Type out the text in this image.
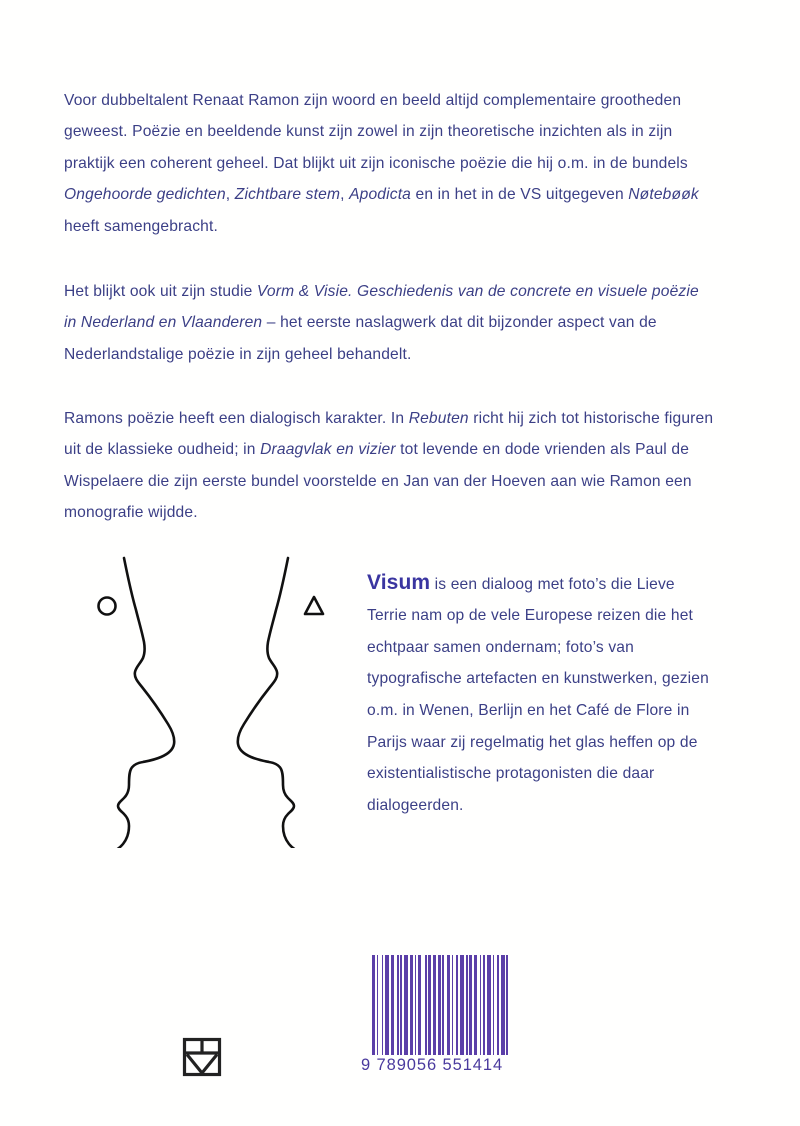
Voor dubbeltalent Renaat Ramon zijn woord en beeld altijd complementaire grootheden geweest. Poëzie en beeldende kunst zijn zowel in zijn theoretische inzichten als in zijn praktijk een coherent geheel. Dat blijkt uit zijn iconische poëzie die hij o.m. in de bundels Ongehoorde gedichten, Zichtbare stem, Apodicta en in het in de VS uitgegeven Nøtebøøk heeft samengebracht.

Het blijkt ook uit zijn studie Vorm & Visie. Geschiedenis van de concrete en visuele poëzie in Nederland en Vlaanderen – het eerste naslagwerk dat dit bijzonder aspect van de Nederlandstalige poëzie in zijn geheel behandelt.

Ramons poëzie heeft een dialogisch karakter. In Rebuten richt hij zich tot historische figuren uit de klassieke oudheid; in Draagvlak en vizier tot levende en dode vrienden als Paul de Wispelaere die zijn eerste bundel voorstelde en Jan van der Hoeven aan wie Ramon een monografie wijdde.

Visum is een dialoog met foto’s die Lieve Terrie nam op de vele Europese reizen die het echtpaar samen ondernam; foto’s van typografische artefacten en kunstwerken, gezien o.m. in Wenen, Berlijn en het Café de Flore in Parijs waar zij regelmatig het glas heffen op de existentialistische protagonisten die daar dialogeerden.

9 789056 551414
